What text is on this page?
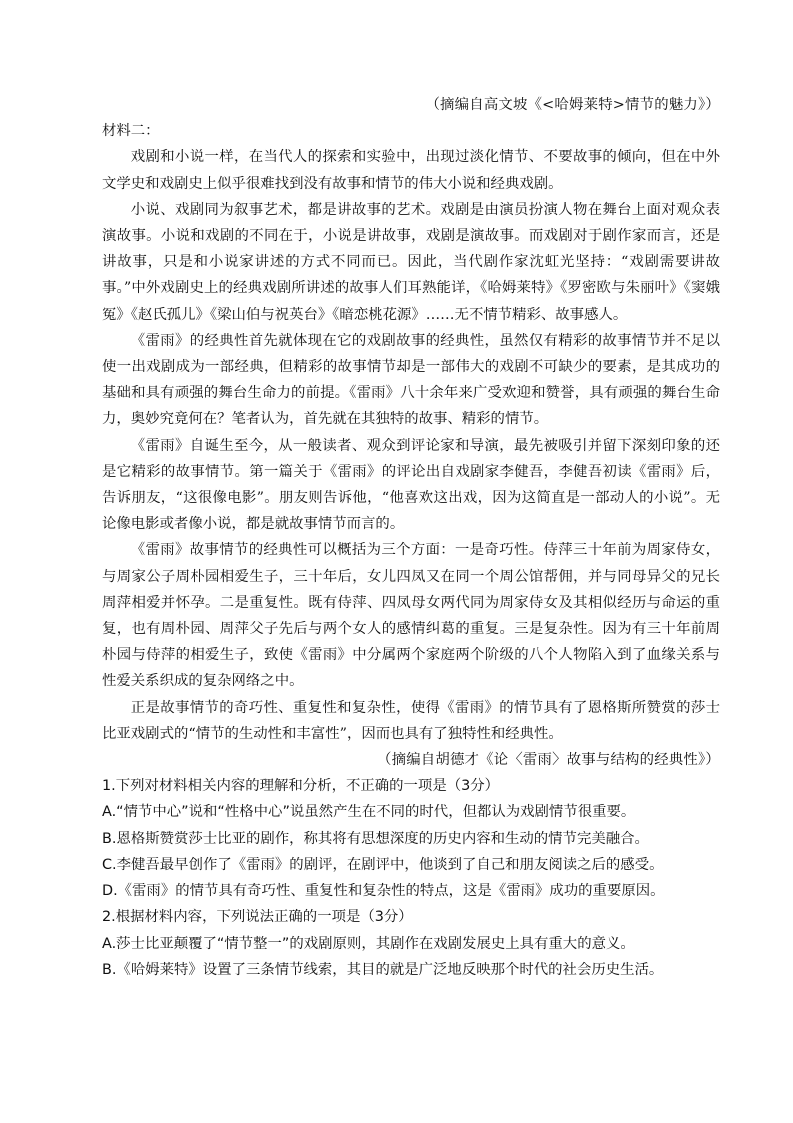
（摘编自高文坡《<哈姆莱特>情节的魅力》）
材料二：

戏剧和小说一样，在当代人的探索和实验中，出现过淡化情节、不要故事的倾向，但在中外文学史和戏剧史上似乎很难找到没有故事和情节的伟大小说和经典戏剧。

小说、戏剧同为叙事艺术，都是讲故事的艺术。戏剧是由演员扮演人物在舞台上面对观众表演故事。小说和戏剧的不同在于，小说是讲故事，戏剧是演故事。而戏剧对于剧作家而言，还是讲故事，只是和小说家讲述的方式不同而已。因此，当代剧作家沈虹光坚持：“戏剧需要讲故事。”中外戏剧史上的经典戏剧所讲述的故事人们耳熟能详，《哈姆莱特》《罗密欧与朱丽叶》《窦娥冤》《赵氏孤儿》《梁山伯与祝英台》《暗恋桃花源》……无不情节精彩、故事感人。

《雷雨》的经典性首先就体现在它的戏剧故事的经典性，虽然仅有精彩的故事情节并不足以使一出戏剧成为一部经典，但精彩的故事情节却是一部伟大的戏剧不可缺少的要素，是其成功的基础和具有顽强的舞台生命力的前提。《雷雨》八十余年来广受欢迎和赞誉，具有顽强的舞台生命力，奥妙究竟何在？笔者认为，首先就在其独特的故事、精彩的情节。

《雷雨》自诞生至今，从一般读者、观众到评论家和导演，最先被吸引并留下深刻印象的还是它精彩的故事情节。第一篇关于《雷雨》的评论出自戏剧家李健吾，李健吾初读《雷雨》后，告诉朋友，“这很像电影”。朋友则告诉他，“他喜欢这出戏，因为这简直是一部动人的小说”。无论像电影或者像小说，都是就故事情节而言的。

《雷雨》故事情节的经典性可以概括为三个方面：一是奇巧性。侍萍三十年前为周家侍女，与周家公子周朴园相爱生子，三十年后，女儿四凤又在同一个周公馆帮佣，并与同母异父的兄长周萍相爱并怀孕。二是重复性。既有侍萍、四凤母女两代同为周家侍女及其相似经历与命运的重复，也有周朴园、周萍父子先后与两个女人的感情纠葛的重复。三是复杂性。因为有三十年前周朴园与侍萍的相爱生子，致使《雷雨》中分属两个家庭两个阶级的八个人物陷入到了血缘关系与性爱关系织成的复杂网络之中。

正是故事情节的奇巧性、重复性和复杂性，使得《雷雨》的情节具有了恩格斯所赞赏的莎士比亚戏剧式的“情节的生动性和丰富性”，因而也具有了独特性和经典性。

（摘编自胡德才《论〈雷雨〉故事与结构的经典性》）

1.下列对材料相关内容的理解和分析，不正确的一项是（3分）

A.“情节中心”说和“性格中心”说虽然产生在不同的时代，但都认为戏剧情节很重要。

B.恩格斯赞赏莎士比亚的剧作，称其将有思想深度的历史内容和生动的情节完美融合。

C.李健吾最早创作了《雷雨》的剧评，在剧评中，他谈到了自己和朋友阅读之后的感受。

D.《雷雨》的情节具有奇巧性、重复性和复杂性的特点，这是《雷雨》成功的重要原因。

2.根据材料内容，下列说法正确的一项是（3分）

A.莎士比亚颠覆了“情节整一”的戏剧原则，其剧作在戏剧发展史上具有重大的意义。

B.《哈姆莱特》设置了三条情节线索，其目的就是广泛地反映那个时代的社会历史生活。
